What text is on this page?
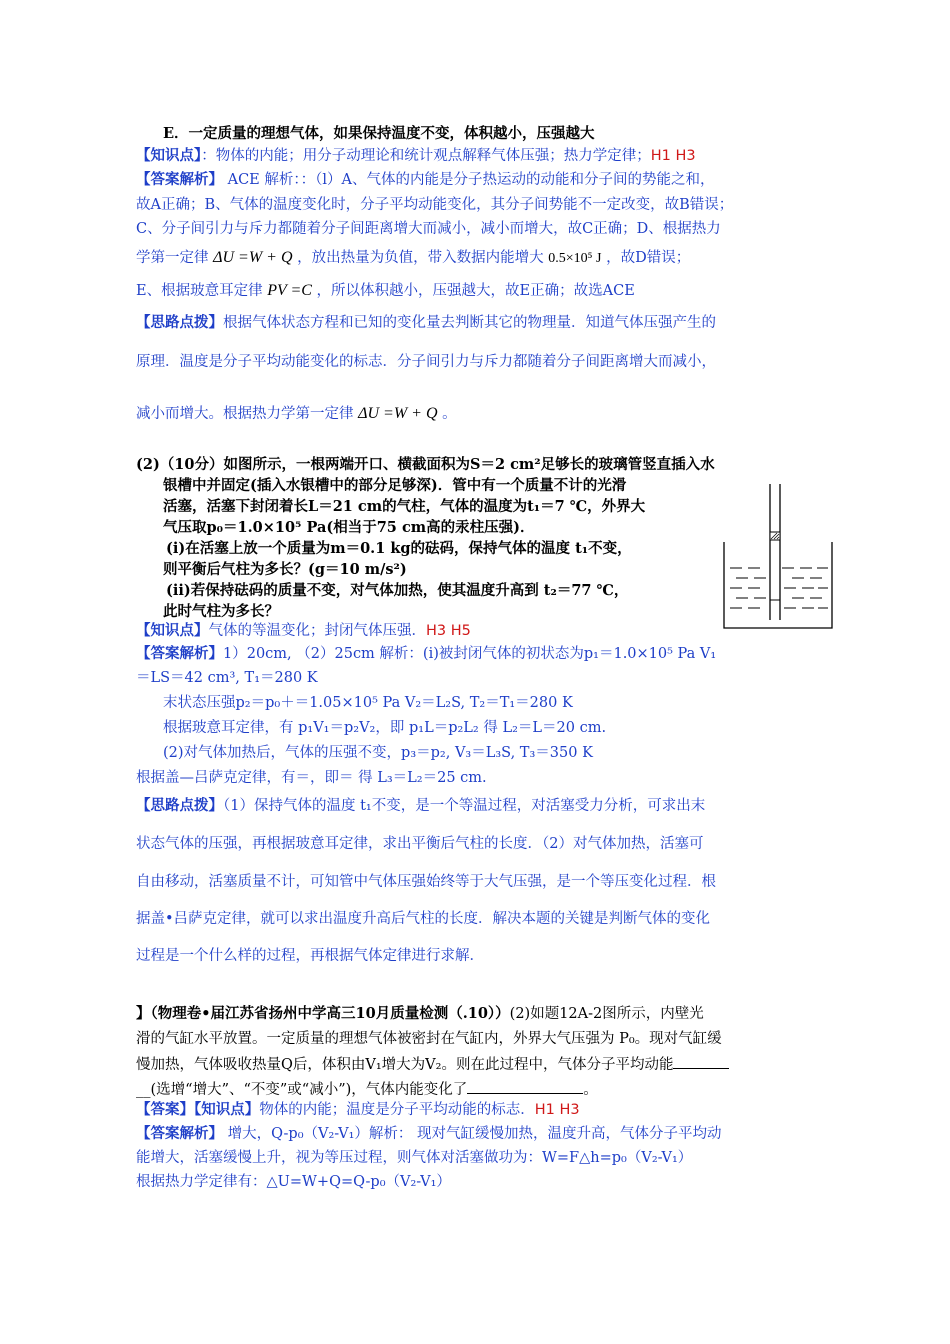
E．一定质量的理想气体，如果保持温度不变，体积越小，压强越大
【知识点】：物体的内能；用分子动理论和统计观点解释气体压强；热力学定律；H1 H3
【答案解析】 ACE 解析：：（l）A、气体的内能是分子热运动的动能和分子间的势能之和，
故A正确；B、气体的温度变化时，分子平均动能变化，其分子间势能不一定改变，故B错误；
C、分子间引力与斥力都随着分子间距离增大而减小，减小而增大，故C正确；D、根据热力
学第一定律 ΔU =W + Q ，放出热量为负值，带入数据内能增大 0.5×10⁵ J ，故D错误；
E、根据玻意耳定律 PV =C ，所以体积越小，压强越大，故E正确；故选ACE
【思路点拨】根据气体状态方程和已知的变化量去判断其它的物理量．知道气体压强产生的
原理．温度是分子平均动能变化的标志．分子间引力与斥力都随着分子间距离增大而减小，
减小而增大。根据热力学第一定律 ΔU =W + Q 。
(2)（10分）如图所示，一根两端开口、横截面积为S＝2 cm²足够长的玻璃管竖直插入水
银槽中并固定(插入水银槽中的部分足够深)．管中有一个质量不计的光滑
活塞，活塞下封闭着长L＝21 cm的气柱，气体的温度为t₁＝7 ℃，外界大
气压取p₀＝1.0×10⁵ Pa(相当于75 cm高的汞柱压强)．
(i)在活塞上放一个质量为m＝0.1 kg的砝码，保持气体的温度 t₁不变，
则平衡后气柱为多长？(g＝10 m/s²)
(ii)若保持砝码的质量不变，对气体加热，使其温度升高到 t₂＝77 ℃，
此时气柱为多长？
【知识点】气体的等温变化；封闭气体压强．H3 H5
【答案解析】1）20cm, （2）25cm 解析：(i)被封闭气体的初状态为p₁＝1.0×10⁵ Pa V₁
＝LS＝42 cm³, T₁＝280 K
末状态压强p₂＝p₀＋＝1.05×10⁵ Pa V₂＝L₂S, T₂＝T₁＝280 K
根据玻意耳定律，有 p₁V₁＝p₂V₂，即 p₁L＝p₂L₂ 得 L₂＝L＝20 cm.
(2)对气体加热后，气体的压强不变，p₃＝p₂, V₃＝L₃S, T₃＝350 K
根据盖—吕萨克定律，有＝，即＝ 得 L₃＝L₂＝25 cm.
【思路点拨】（1）保持气体的温度 t₁不变，是一个等温过程，对活塞受力分析，可求出末
状态气体的压强，再根据玻意耳定律，求出平衡后气柱的长度．（2）对气体加热，活塞可
自由移动，活塞质量不计，可知管中气体压强始终等于大气压强，是一个等压变化过程．根
据盖•吕萨克定律，就可以求出温度升高后气柱的长度．解决本题的关键是判断气体的变化
过程是一个什么样的过程，再根据气体定律进行求解．
】（物理卷•届江苏省扬州中学高三10月质量检测（.10））(2)如题12A-2图所示，内壁光
滑的气缸水平放置。一定质量的理想气体被密封在气缸内，外界大气压强为 P₀。现对气缸缓
慢加热，气体吸收热量Q后，体积由V₁增大为V₂。则在此过程中，气体分子平均动能
__(选增“增大”、“不变”或“减小”)，气体内能变化了	。
【答案】【知识点】物体的内能；温度是分子平均动能的标志．H1 H3
【答案解析】 增大，Q-p₀（V₂-V₁）解析： 现对气缸缓慢加热，温度升高，气体分子平均动
能增大，活塞缓慢上升，视为等压过程，则气体对活塞做功为：W=F△h=p₀（V₂-V₁）
根据热力学定律有：△U=W+Q=Q-p₀（V₂-V₁）
